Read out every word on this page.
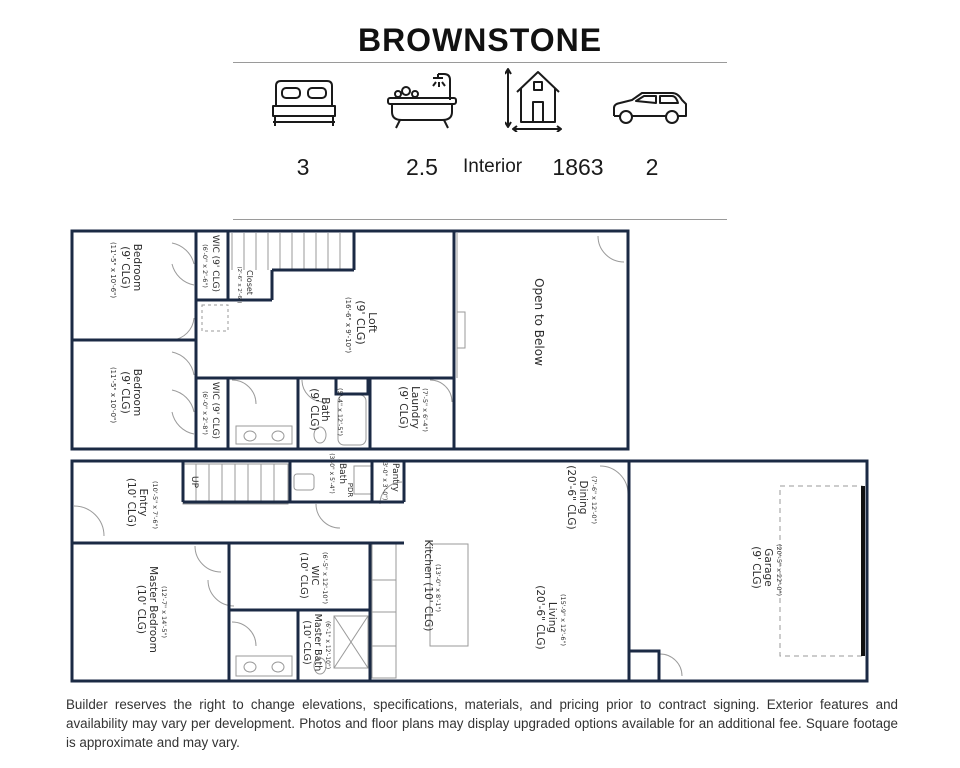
BROWNSTONE
3	2.5	Interior	1863	2
Bedroom (9' CLG) (11'-5" x 10'-6")
Bedroom (9' CLG) (11'-5" x 10'-0")
WIC (9' CLG) (6'-0" x 2'-6")
WIC (9' CLG) (6'-0" x 2'-8")
Closet (2'-6" x 2'-6")
Loft (9' CLG) (16'-6" x 9'-10")	Open to Below
Bath (9' CLG) (5'-4" x 12'-5")	Laundry (9' CLG) (7'-5" x 6'-4")
Entry (10' CLG) (10'-5" x 7'-6")	UP	Bath (3'-0" x 5'-4") PDR	Pantry (3'-0" x 3'-0")	Dining (20'-6" CLG) (7'-6" x 12'-0")
Kitchen (10' CLG) (13'-0" x 8'-1")
Living (20'-6" CLG) (15'-9" x 12'-6")
Garage (9' CLG) (20'-5" x 22'-0")
WIC (10' CLG) (6'-5" x 12'-10")
Master Bedroom (10' CLG) (12'-7" x 14'-5")
Master Bath (10' CLG) (6'-1" x 12'-10")
Builder reserves the right to change elevations, specifications, materials, and pricing prior to contract signing. Exterior features and availability may vary per development. Photos and floor plans may display upgraded options available for an additional fee. Square footage is approximate and may vary.
